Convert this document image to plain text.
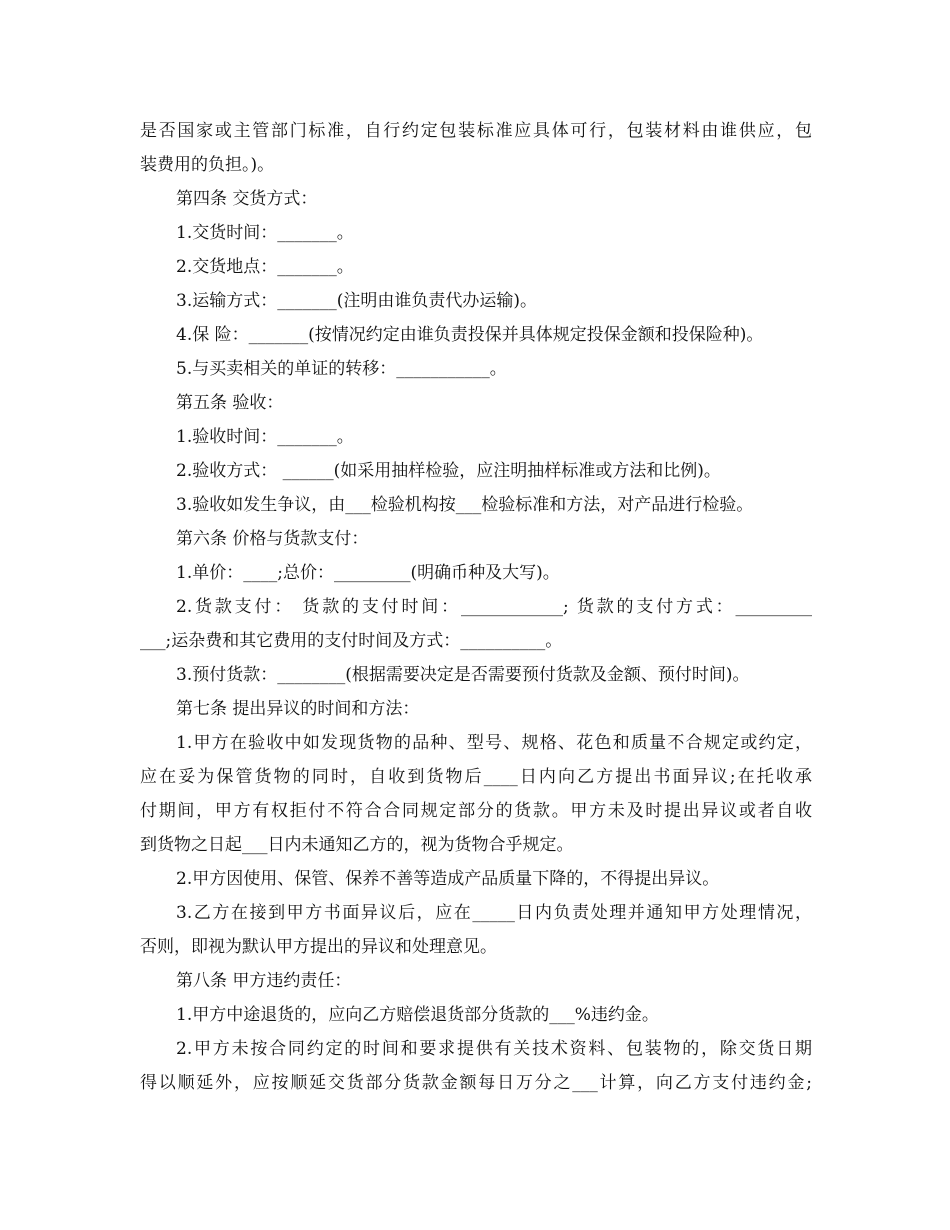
是否国家或主管部门标准，自行约定包装标准应具体可行，包装材料由谁供应，包
装费用的负担。)。
第四条 交货方式：
1.交货时间：_______。
2.交货地点：_______。
3.运输方式：_______(注明由谁负责代办运输)。
4.保 险：_______(按情况约定由谁负责投保并具体规定投保金额和投保险种)。
5.与买卖相关的单证的转移：___________。
第五条 验收：
1.验收时间：_______。
2.验收方式： ______(如采用抽样检验，应注明抽样标准或方法和比例)。
3.验收如发生争议，由___检验机构按___检验标准和方法，对产品进行检验。
第六条 价格与货款支付：
1.单价：____;总价：_________(明确币种及大写)。
2.货款支付： 货款的支付时间：____________; 货款的支付方式：_________
___;运杂费和其它费用的支付时间及方式：__________。
3.预付货款：________(根据需要决定是否需要预付货款及金额、预付时间)。
第七条 提出异议的时间和方法：
1.甲方在验收中如发现货物的品种、型号、规格、花色和质量不合规定或约定，
应在妥为保管货物的同时，自收到货物后____日内向乙方提出书面异议;在托收承
付期间，甲方有权拒付不符合合同规定部分的货款。甲方未及时提出异议或者自收
到货物之日起___日内未通知乙方的，视为货物合乎规定。
2.甲方因使用、保管、保养不善等造成产品质量下降的，不得提出异议。
3.乙方在接到甲方书面异议后，应在_____日内负责处理并通知甲方处理情况，
否则，即视为默认甲方提出的异议和处理意见。
第八条 甲方违约责任：
1.甲方中途退货的，应向乙方赔偿退货部分货款的___%违约金。
2.甲方未按合同约定的时间和要求提供有关技术资料、包装物的，除交货日期
得以顺延外，应按顺延交货部分货款金额每日万分之___计算，向乙方支付违约金;
